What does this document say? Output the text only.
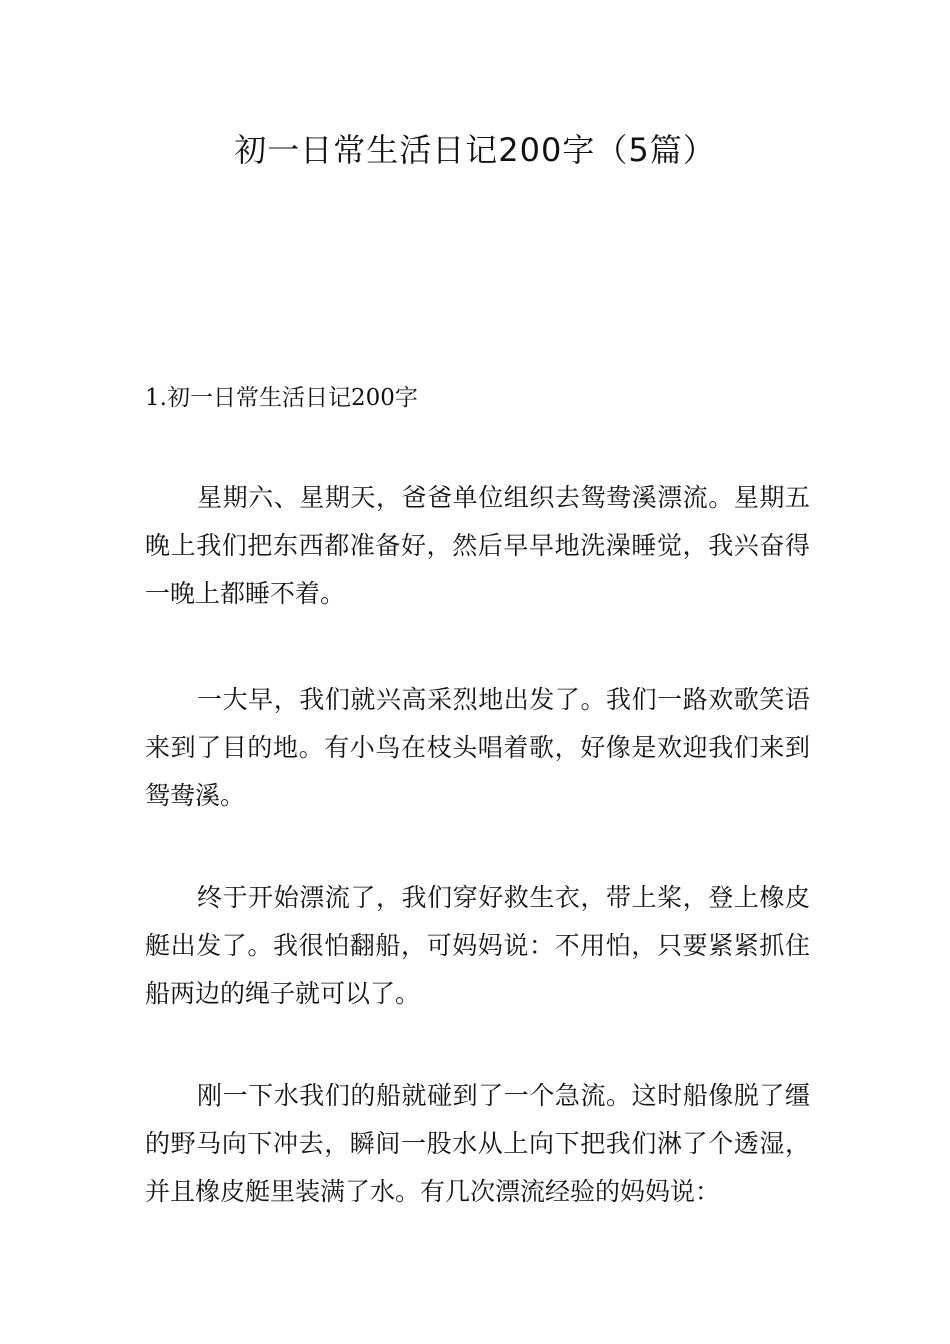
初一日常生活日记200字（5篇）
1.初一日常生活日记200字

星期六、星期天，爸爸单位组织去鸳鸯溪漂流。星期五晚上我们把东西都准备好，然后早早地洗澡睡觉，我兴奋得一晚上都睡不着。

一大早，我们就兴高采烈地出发了。我们一路欢歌笑语来到了目的地。有小鸟在枝头唱着歌，好像是欢迎我们来到鸳鸯溪。

终于开始漂流了，我们穿好救生衣，带上桨，登上橡皮艇出发了。我很怕翻船，可妈妈说：不用怕，只要紧紧抓住船两边的绳子就可以了。

刚一下水我们的船就碰到了一个急流。这时船像脱了缰的野马向下冲去，瞬间一股水从上向下把我们淋了个透湿，并且橡皮艇里装满了水。有几次漂流经验的妈妈说：
